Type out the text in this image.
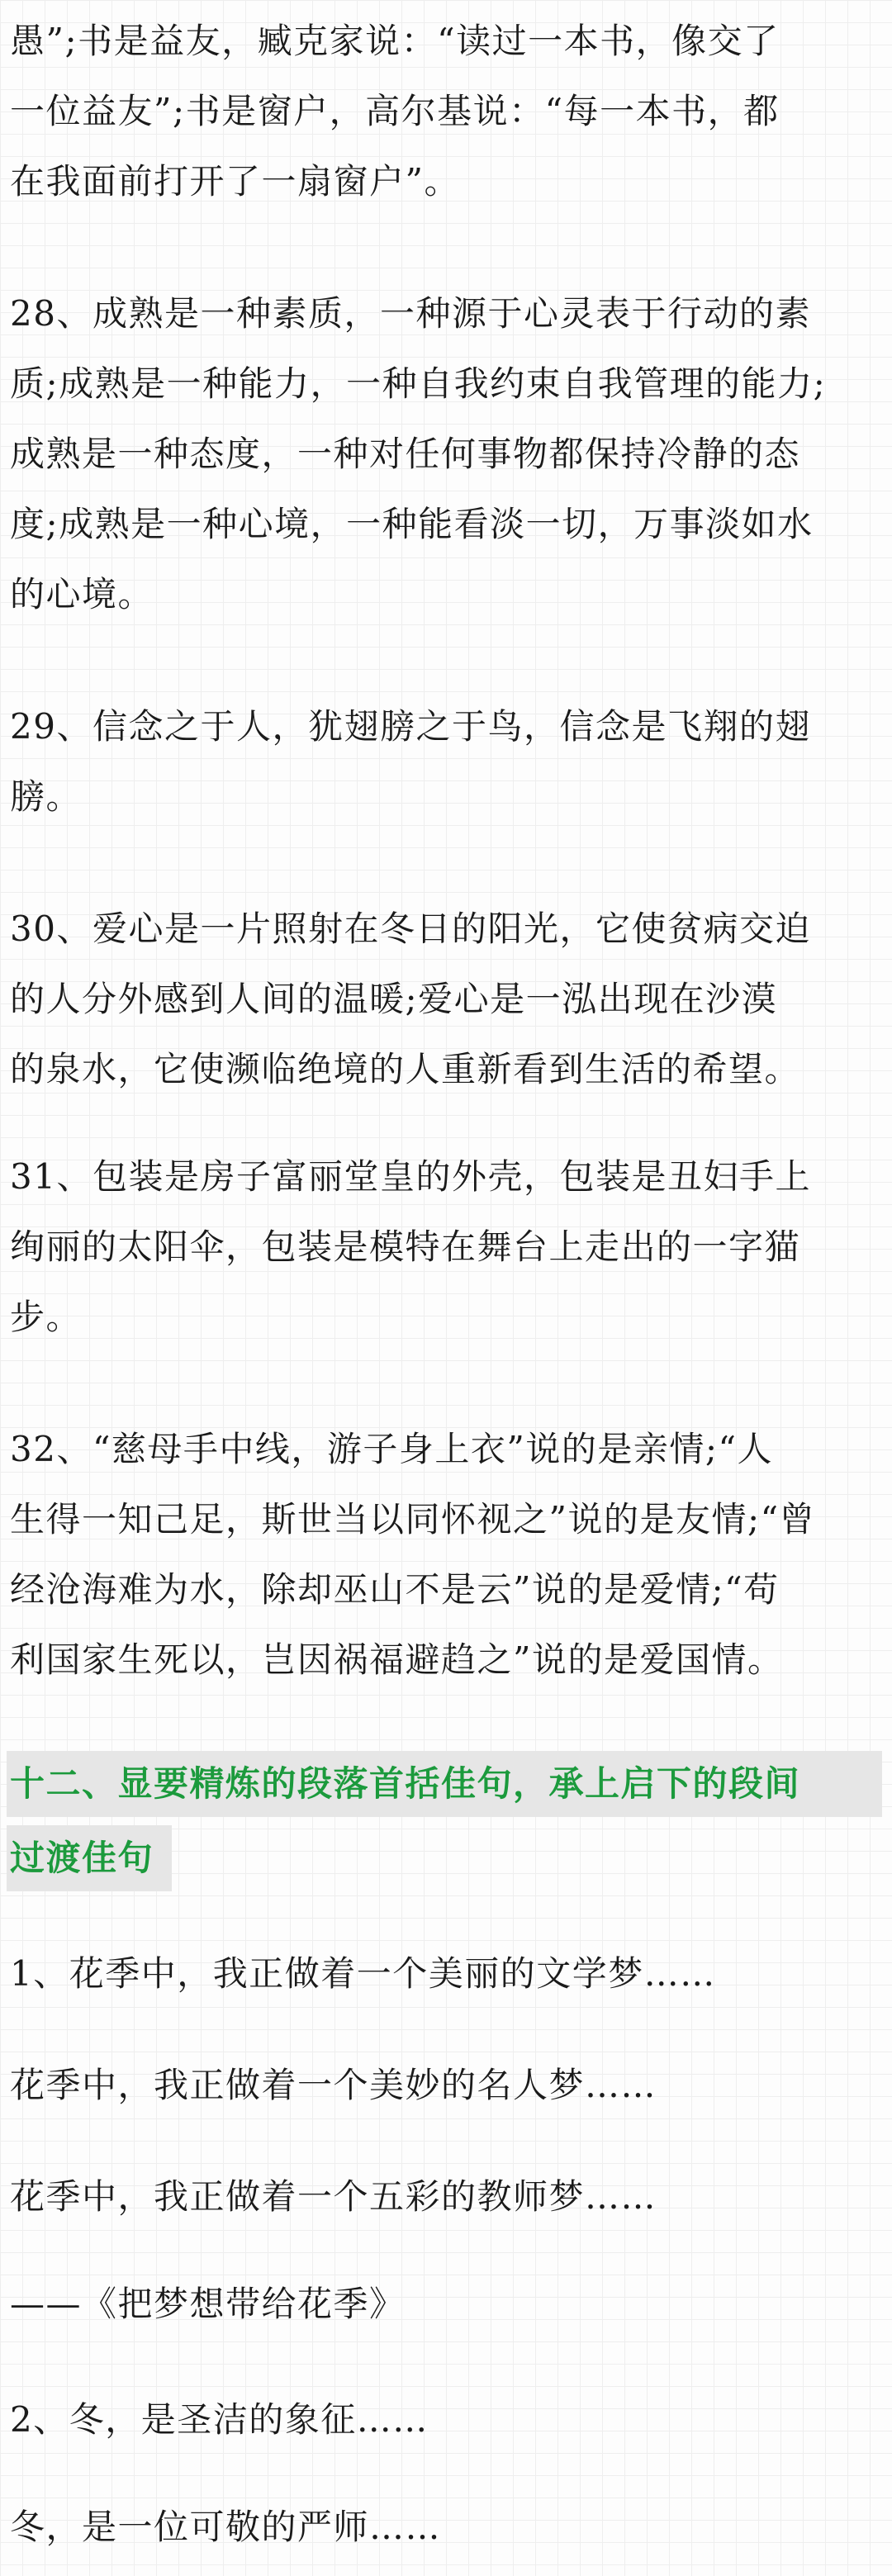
愚”;书是益友，臧克家说：“读过一本书，像交了
一位益友”;书是窗户，高尔基说：“每一本书，都
在我面前打开了一扇窗户”。
28、成熟是一种素质，一种源于心灵表于行动的素
质;成熟是一种能力，一种自我约束自我管理的能力;
成熟是一种态度，一种对任何事物都保持冷静的态
度;成熟是一种心境，一种能看淡一切，万事淡如水
的心境。
29、信念之于人，犹翅膀之于鸟，信念是飞翔的翅
膀。
30、爱心是一片照射在冬日的阳光，它使贫病交迫
的人分外感到人间的温暖;爱心是一泓出现在沙漠
的泉水，它使濒临绝境的人重新看到生活的希望。
31、包装是房子富丽堂皇的外壳，包装是丑妇手上
绚丽的太阳伞，包装是模特在舞台上走出的一字猫
步。
32、“慈母手中线，游子身上衣”说的是亲情;“人
生得一知己足，斯世当以同怀视之”说的是友情;“曾
经沧海难为水，除却巫山不是云”说的是爱情;“苟
利国家生死以，岂因祸福避趋之”说的是爱国情。
十二、显要精炼的段落首括佳句，承上启下的段间
过渡佳句
1、花季中，我正做着一个美丽的文学梦……
花季中，我正做着一个美妙的名人梦……
花季中，我正做着一个五彩的教师梦……
——《把梦想带给花季》
2、冬，是圣洁的象征……
冬，是一位可敬的严师……
